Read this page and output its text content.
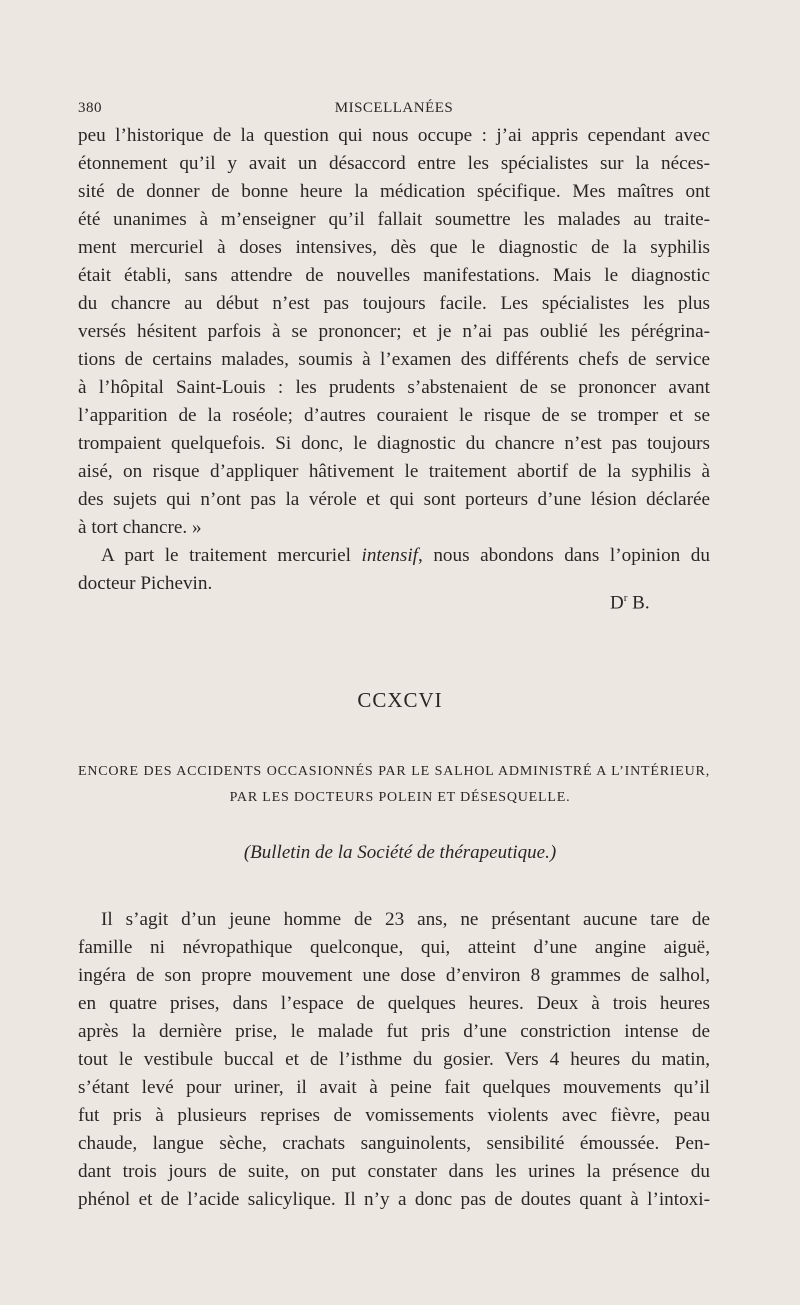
380	MISCELLANÉES
peu l’historique de la question qui nous occupe : j’ai appris cependant avec
étonnement qu’il y avait un désaccord entre les spécialistes sur la néces-
sité de donner de bonne heure la médication spécifique. Mes maîtres ont
été unanimes à m’enseigner qu’il fallait soumettre les malades au traite-
ment mercuriel à doses intensives, dès que le diagnostic de la syphilis
était établi, sans attendre de nouvelles manifestations. Mais le diagnostic
du chancre au début n’est pas toujours facile. Les spécialistes les plus
versés hésitent parfois à se prononcer; et je n’ai pas oublié les pérégrina-
tions de certains malades, soumis à l’examen des différents chefs de service
à l’hôpital Saint-Louis : les prudents s’abstenaient de se prononcer avant
l’apparition de la roséole; d’autres couraient le risque de se tromper et se
trompaient quelquefois. Si donc, le diagnostic du chancre n’est pas toujours
aisé, on risque d’appliquer hâtivement le traitement abortif de la syphilis à
des sujets qui n’ont pas la vérole et qui sont porteurs d’une lésion déclarée
à tort chancre. »
A part le traitement mercuriel intensif, nous abondons dans l’opinion du
docteur Pichevin.
$D^r$ B.
CCXCVI
ENCORE DES ACCIDENTS OCCASIONNÉS PAR LE SALHOL ADMINISTRÉ A L’INTÉRIEUR,
PAR LES DOCTEURS POLEIN ET DÉSESQUELLE.
(Bulletin de la Société de thérapeutique.)
Il s’agit d’un jeune homme de 23 ans, ne présentant aucune tare de
famille ni névropathique quelconque, qui, atteint d’une angine aiguë,
ingéra de son propre mouvement une dose d’environ 8 grammes de salhol,
en quatre prises, dans l’espace de quelques heures. Deux à trois heures
après la dernière prise, le malade fut pris d’une constriction intense de
tout le vestibule buccal et de l’isthme du gosier. Vers 4 heures du matin,
s’étant levé pour uriner, il avait à peine fait quelques mouvements qu’il
fut pris à plusieurs reprises de vomissements violents avec fièvre, peau
chaude, langue sèche, crachats sanguinolents, sensibilité émoussée. Pen-
dant trois jours de suite, on put constater dans les urines la présence du
phénol et de l’acide salicylique. Il n’y a donc pas de doutes quant à l’intoxi-
